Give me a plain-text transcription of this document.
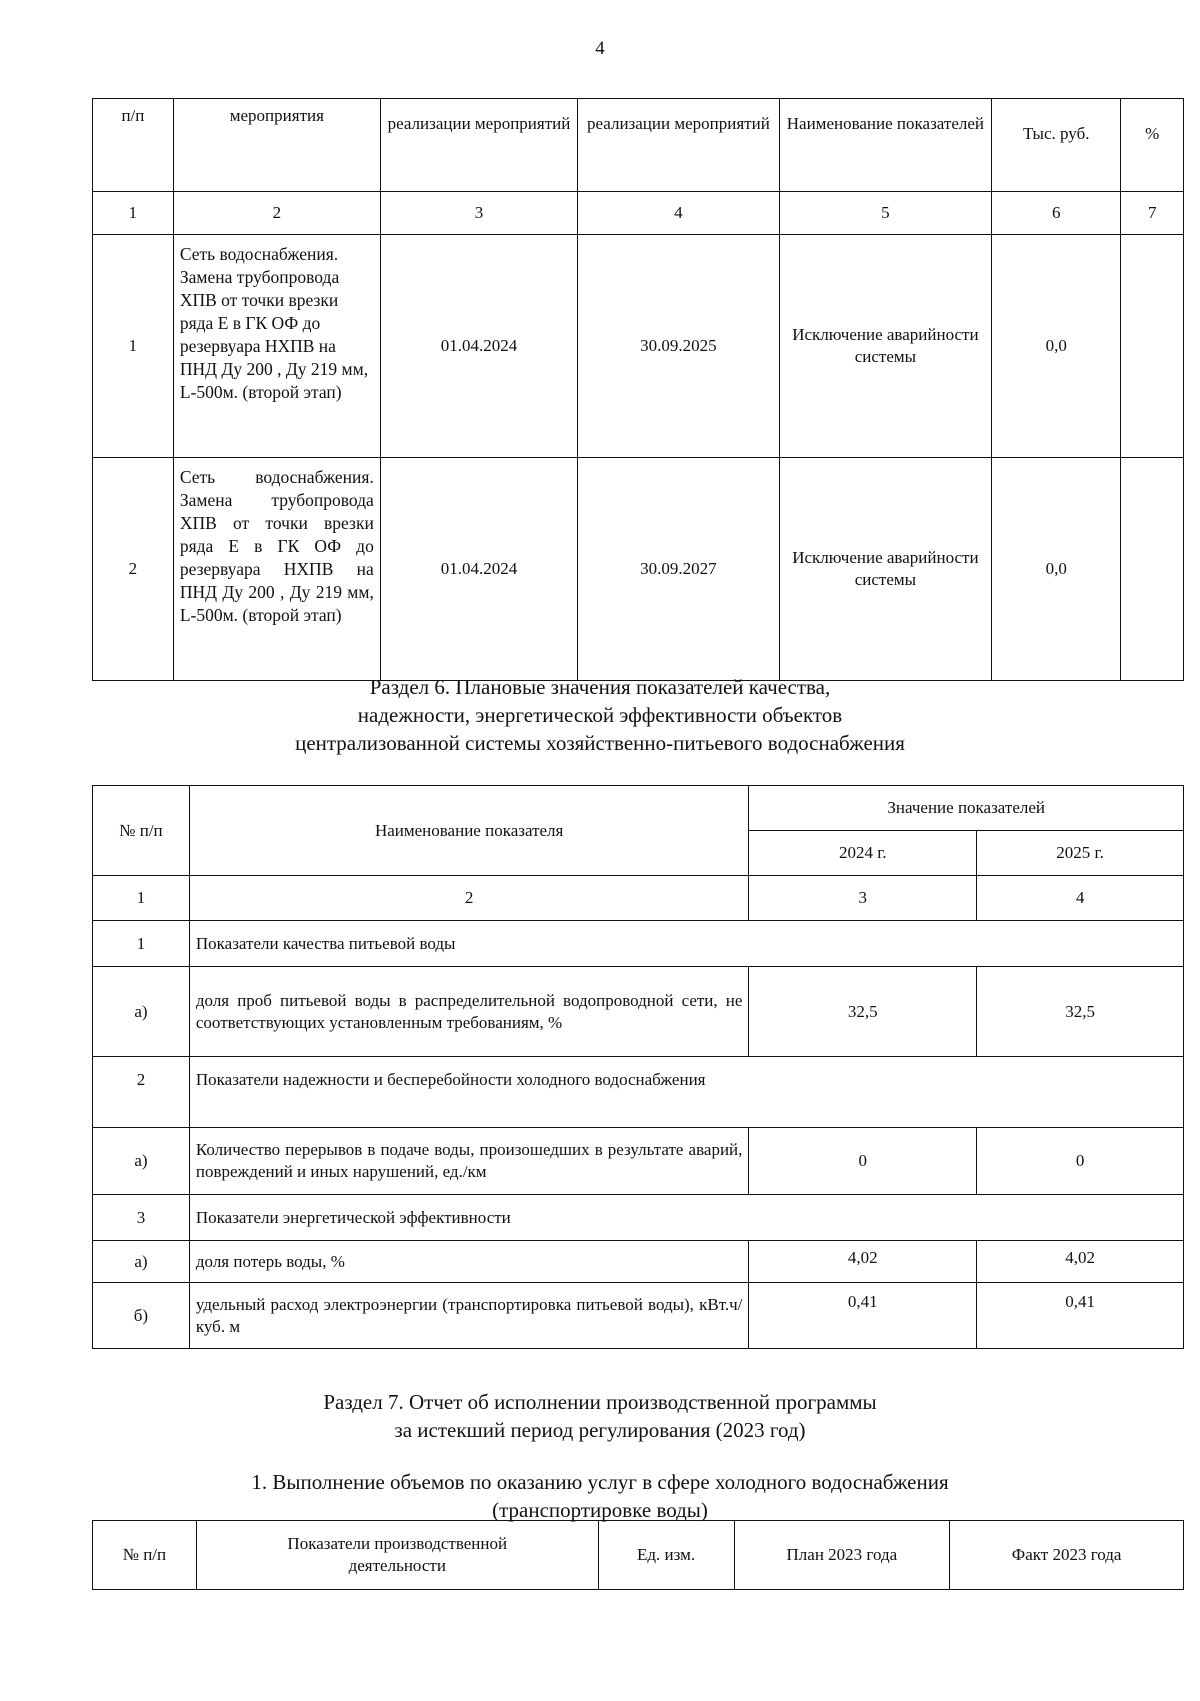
4
п/п	мероприятия	реализации мероприятий	реализации мероприятий	Наименование показателей	Тыс. руб.	%
1	2	3	4	5	6	7
1	Сеть водоснабжения. Замена трубопровода ХПВ от точки врезки ряда Е в ГК ОФ до резервуара НХПВ на ПНД Ду 200 , Ду 219 мм, L-500м. (второй этап)	01.04.2024	30.09.2025	Исключение аварийности системы	0,0	
2	Сеть водоснабжения. Замена трубопровода ХПВ от точки врезки ряда Е в ГК ОФ до резервуара НХПВ на ПНД Ду 200 , Ду 219 мм, L-500м. (второй этап)	01.04.2024	30.09.2027	Исключение аварийности системы	0,0	
Раздел 6. Плановые значения показателей качества,
надежности, энергетической эффективности объектов
централизованной системы хозяйственно-питьевого водоснабжения
№ п/п	Наименование показателя	Значение показателей	
		2024 г.	2025 г.
1	2	3	4
1	Показатели качества питьевой воды		
а)	доля проб питьевой воды в распределительной водопроводной сети, не соответствующих установленным требованиям, %	32,5	32,5
2	Показатели надежности и бесперебойности холодного водоснабжения		
а)	Количество перерывов в подаче воды, произошедших в результате аварий, повреждений и иных нарушений, ед./км	0	0
3	Показатели энергетической эффективности		
а)	доля потерь воды, %	4,02	4,02
б)	удельный расход электроэнергии (транспортировка питьевой воды), кВт.ч/куб. м	0,41	0,41
Раздел 7. Отчет об исполнении производственной программы
за истекший период регулирования (2023 год)
1. Выполнение объемов по оказанию услуг в сфере холодного водоснабжения
(транспортировке воды)
№ п/п	Показатели производственной деятельности	Ед. изм.	План 2023 года	Факт 2023 года
